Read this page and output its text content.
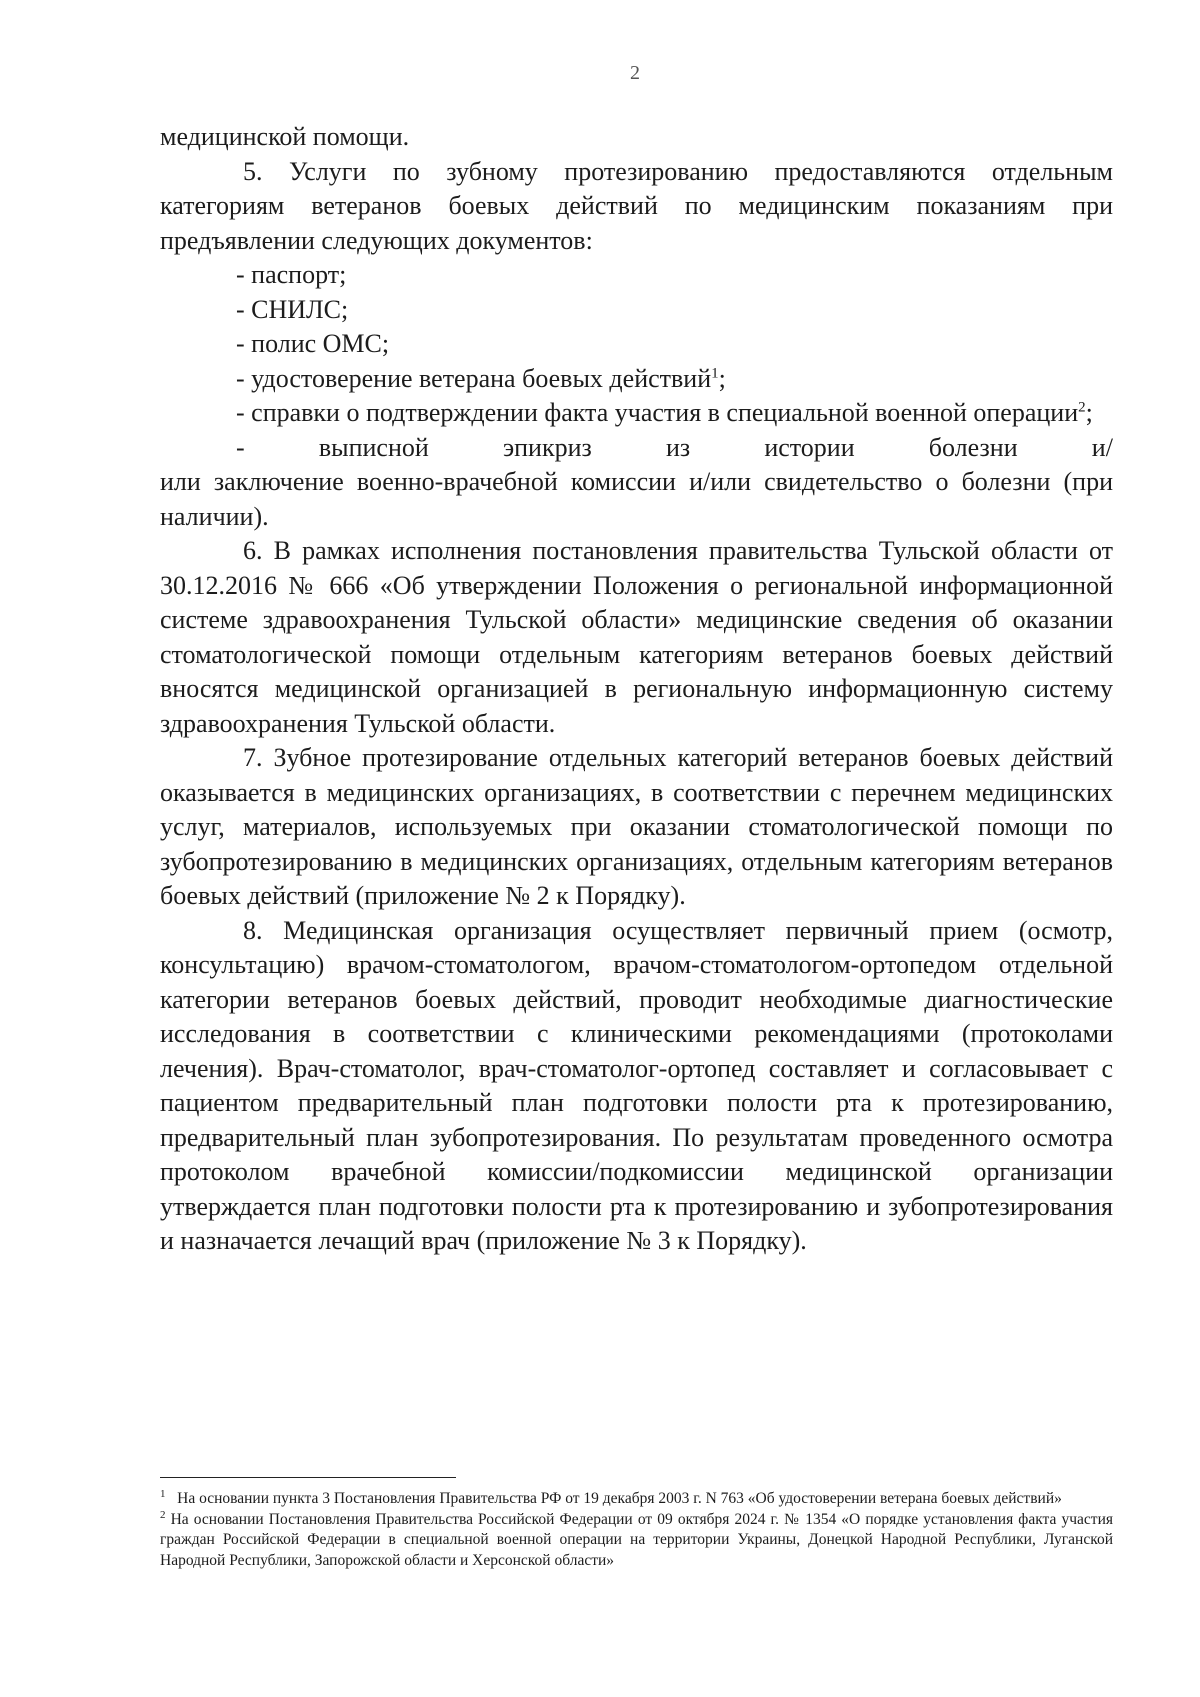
2

медицинской помощи.

5. Услуги по зубному протезированию предоставляются отдельным категориям ветеранов боевых действий по медицинским показаниям при предъявлении следующих документов:

- паспорт;

- СНИЛС;

- полис ОМС;

- удостоверение ветерана боевых действий$^1$;

- справки о подтверждении факта участия в специальной военной операции$^2$;

-	выписной	эпикриз	из	истории	болезни	и/

или заключение военно-врачебной комиссии и/или свидетельство о болезни (при наличии).

6. В рамках исполнения постановления правительства Тульской области от 30.12.2016 № 666 «Об утверждении Положения о региональной информационной системе здравоохранения Тульской области» медицинские сведения об оказании стоматологической помощи отдельным категориям ветеранов боевых действий вносятся медицинской организацией в региональную информационную систему здравоохранения Тульской области.

7. Зубное протезирование отдельных категорий ветеранов боевых действий оказывается в медицинских организациях, в соответствии с перечнем медицинских услуг, материалов, используемых при оказании стоматологической помощи по зубопротезированию в медицинских организациях, отдельным категориям ветеранов боевых действий (приложение № 2 к Порядку).

8. Медицинская организация осуществляет первичный прием (осмотр, консультацию) врачом-стоматологом, врачом-стоматологом-ортопедом отдельной категории ветеранов боевых действий, проводит необходимые диагностические исследования в соответствии с клиническими рекомендациями (протоколами лечения). Врач-стоматолог, врач-стоматолог-ортопед составляет и согласовывает с пациентом предварительный план подготовки полости рта к протезированию, предварительный план зубопротезирования. По результатам проведенного осмотра протоколом врачебной комиссии/подкомиссии медицинской организации утверждается план подготовки полости рта к протезированию и зубопротезирования и назначается лечащий врач (приложение № 3 к Порядку).

$^1$ На основании пункта 3 Постановления Правительства РФ от 19 декабря 2003 г. N 763 «Об удостоверении ветерана боевых действий»

$^2$ На основании Постановления Правительства Российской Федерации от 09 октября 2024 г. № 1354 «О порядке установления факта участия граждан Российской Федерации в специальной военной операции на территории Украины, Донецкой Народной Республики, Луганской Народной Республики, Запорожской области и Херсонской области»
